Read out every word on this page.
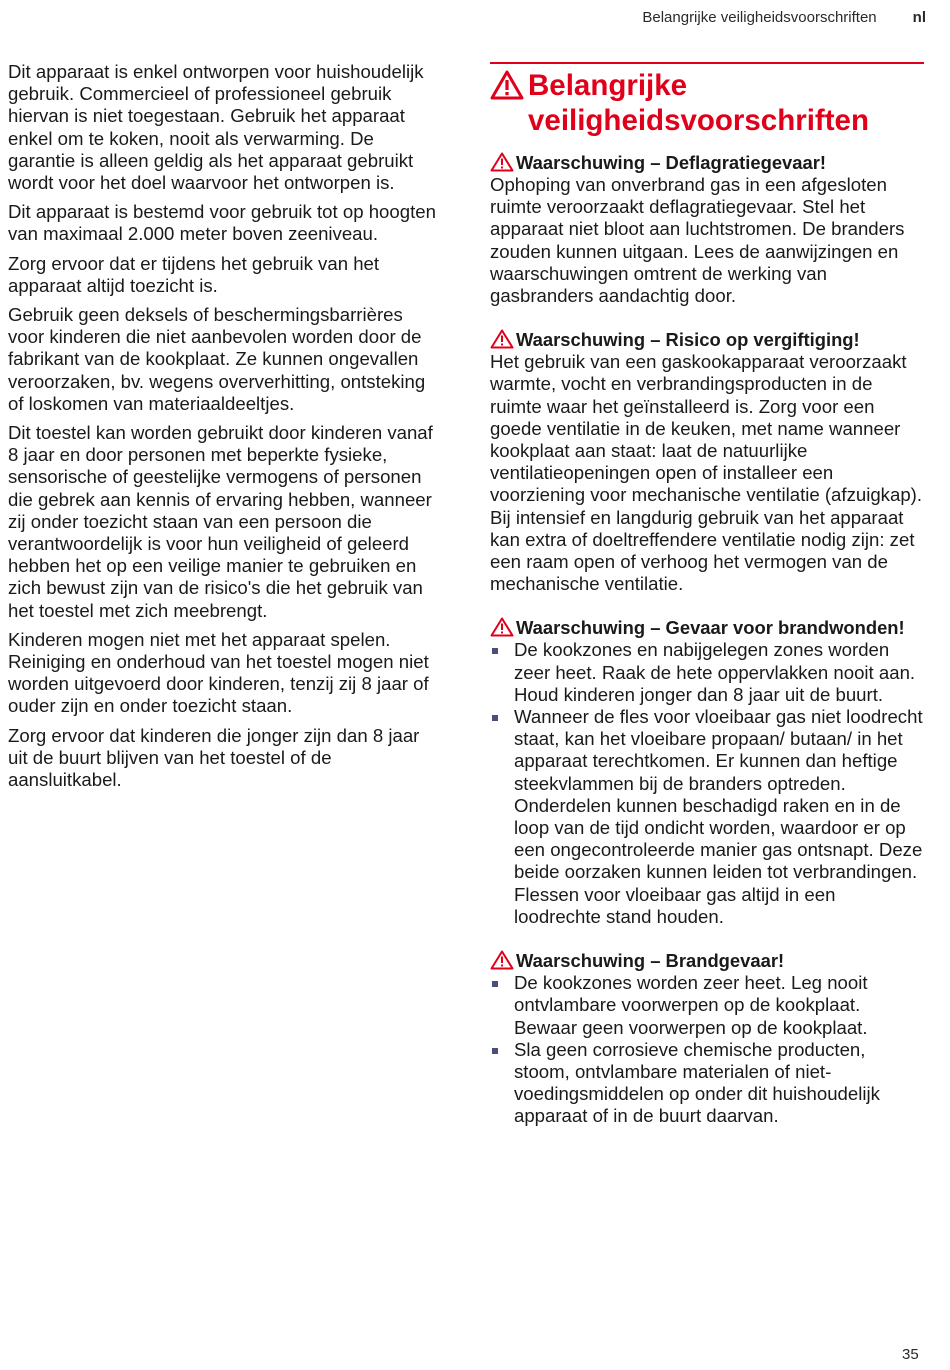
Belangrijke veiligheidsvoorschriften nl

Dit apparaat is enkel ontworpen voor huishoudelijk gebruik. Commercieel of professioneel gebruik hiervan is niet toegestaan. Gebruik het apparaat enkel om te koken, nooit als verwarming. De garantie is alleen geldig als het apparaat gebruikt wordt voor het doel waarvoor het ontworpen is.

Dit apparaat is bestemd voor gebruik tot op hoogten van maximaal 2.000 meter boven zeeniveau.

Zorg ervoor dat er tijdens het gebruik van het apparaat altijd toezicht is.

Gebruik geen deksels of beschermingsbarrières voor kinderen die niet aanbevolen worden door de fabrikant van de kookplaat. Ze kunnen ongevallen veroorzaken, bv. wegens oververhitting, ontsteking of loskomen van materiaaldeeltjes.

Dit toestel kan worden gebruikt door kinderen vanaf 8 jaar en door personen met beperkte fysieke, sensorische of geestelijke vermogens of personen die gebrek aan kennis of ervaring hebben, wanneer zij onder toezicht staan van een persoon die verantwoordelijk is voor hun veiligheid of geleerd hebben het op een veilige manier te gebruiken en zich bewust zijn van de risico's die het gebruik van het toestel met zich meebrengt.

Kinderen mogen niet met het apparaat spelen. Reiniging en onderhoud van het toestel mogen niet worden uitgevoerd door kinderen, tenzij zij 8 jaar of ouder zijn en onder toezicht staan.

Zorg ervoor dat kinderen die jonger zijn dan 8 jaar uit de buurt blijven van het toestel of de aansluitkabel.

Belangrijke veiligheidsvoorschriften
Waarschuwing – Deflagratiegevaar!

Ophoping van onverbrand gas in een afgesloten ruimte veroorzaakt deflagratiegevaar. Stel het apparaat niet bloot aan luchtstromen. De branders zouden kunnen uitgaan. Lees de aanwijzingen en waarschuwingen omtrent de werking van gasbranders aandachtig door.

Waarschuwing – Risico op vergiftiging!

Het gebruik van een gaskookapparaat veroorzaakt warmte, vocht en verbrandingsproducten in de ruimte waar het geïnstalleerd is. Zorg voor een goede ventilatie in de keuken, met name wanneer kookplaat aan staat: laat de natuurlijke ventilatieopeningen open of installeer een voorziening voor mechanische ventilatie (afzuigkap). Bij intensief en langdurig gebruik van het apparaat kan extra of doeltreffendere ventilatie nodig zijn: zet een raam open of verhoog het vermogen van de mechanische ventilatie.

Waarschuwing – Gevaar voor brandwonden!
De kookzones en nabijgelegen zones worden zeer heet. Raak de hete oppervlakken nooit aan. Houd kinderen jonger dan 8 jaar uit de buurt.
Wanneer de fles voor vloeibaar gas niet loodrecht staat, kan het vloeibare propaan/ butaan/ in het apparaat terechtkomen. Er kunnen dan heftige steekvlammen bij de branders optreden. Onderdelen kunnen beschadigd raken en in de loop van de tijd ondicht worden, waardoor er op een ongecontroleerde manier gas ontsnapt. Deze beide oorzaken kunnen leiden tot verbrandingen. Flessen voor vloeibaar gas altijd in een loodrechte stand houden.
Waarschuwing – Brandgevaar!
De kookzones worden zeer heet. Leg nooit ontvlambare voorwerpen op de kookplaat. Bewaar geen voorwerpen op de kookplaat.
Sla geen corrosieve chemische producten, stoom, ontvlambare materialen of niet-voedingsmiddelen op onder dit huishoudelijk apparaat of in de buurt daarvan.
35
